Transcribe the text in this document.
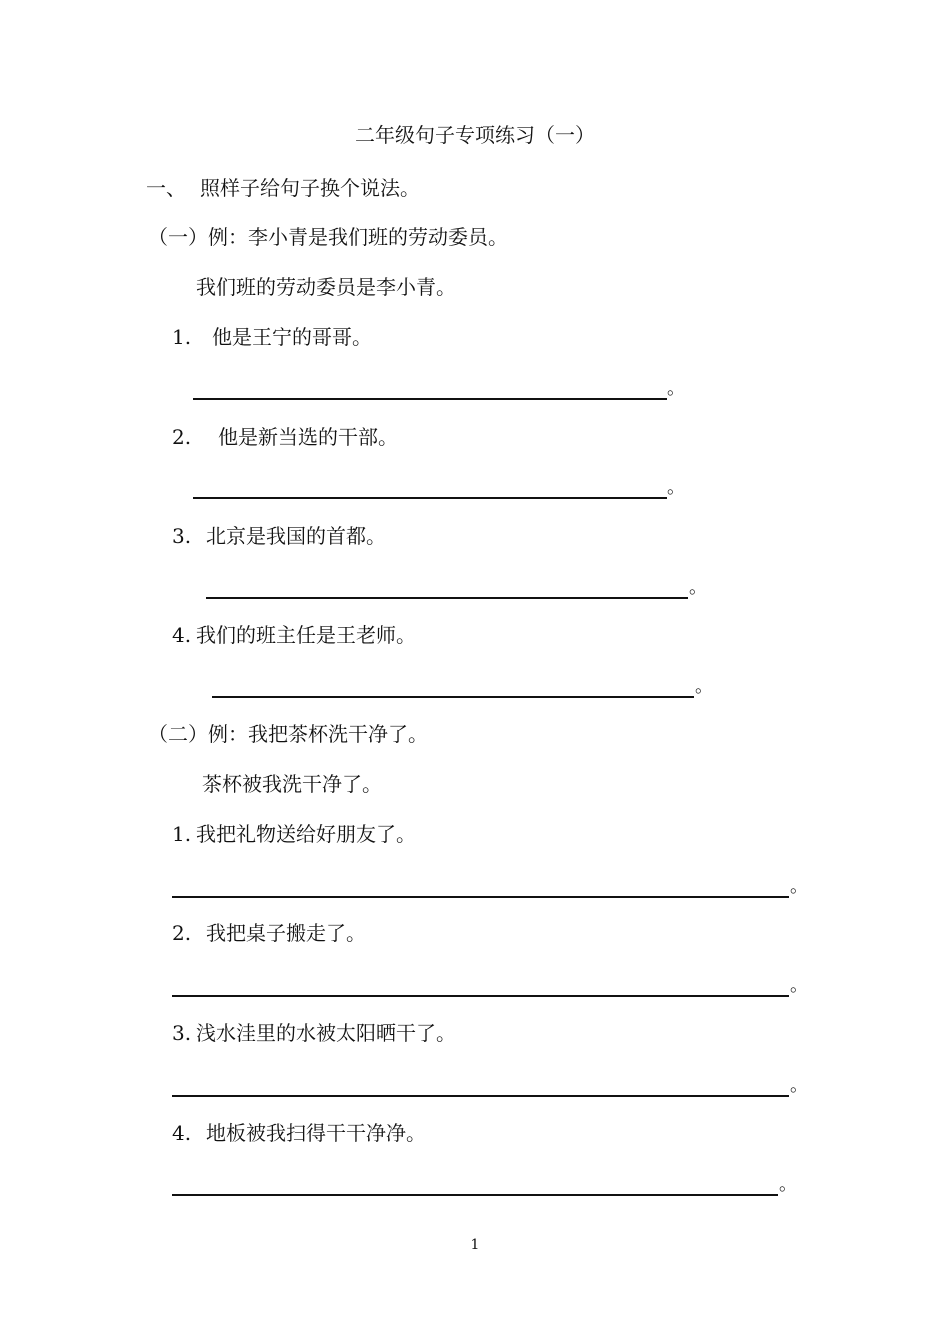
二年级句子专项练习（一）
一、 照样子给句子换个说法。
（一）例：李小青是我们班的劳动委员。
我们班的劳动委员是李小青。
1. 他是王宁的哥哥。
。
2. 他是新当选的干部。
。
3. 北京是我国的首都。
。
4. 我们的班主任是王老师。
。
（二）例：我把茶杯洗干净了。
茶杯被我洗干净了。
1. 我把礼物送给好朋友了。
。
2. 我把桌子搬走了。
。
3. 浅水洼里的水被太阳晒干了。
。
4. 地板被我扫得干干净净。
。
1
